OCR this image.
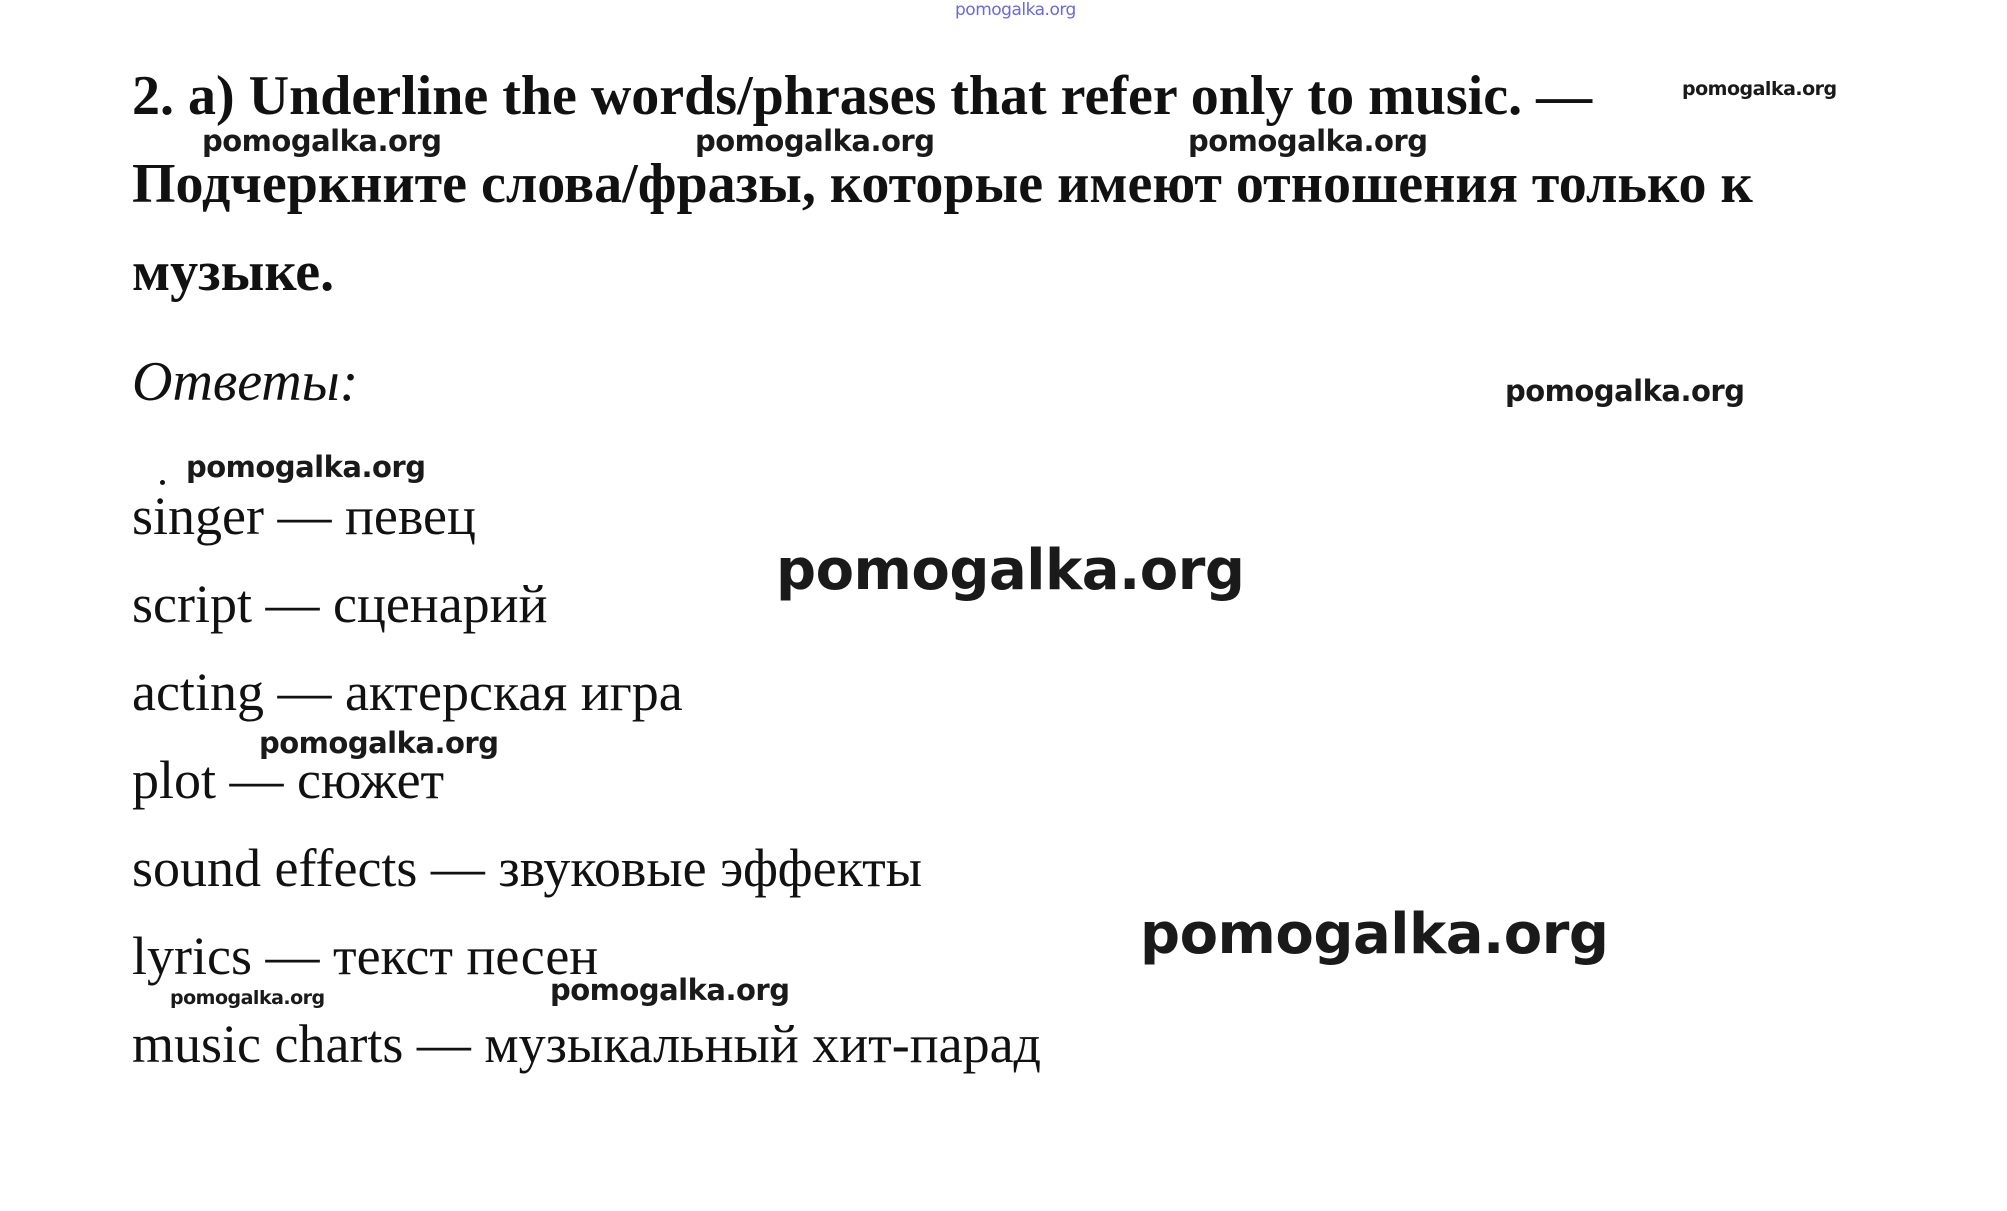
pomogalka.org
2. a) Underline the words/phrases that refer only to music. —
Подчеркните слова/фразы, которые имеют отношения только к
музыке.
Ответы:
singer — певец
script — сценарий
acting — актерская игра
plot — сюжет
sound effects — звуковые эффекты
lyrics — текст песен
music charts — музыкальный хит-парад
pomogalka.org
pomogalka.org	pomogalka.org	pomogalka.org
pomogalka.org
pomogalka.org
pomogalka.org
pomogalka.org
pomogalka.org
pomogalka.org
pomogalka.org
